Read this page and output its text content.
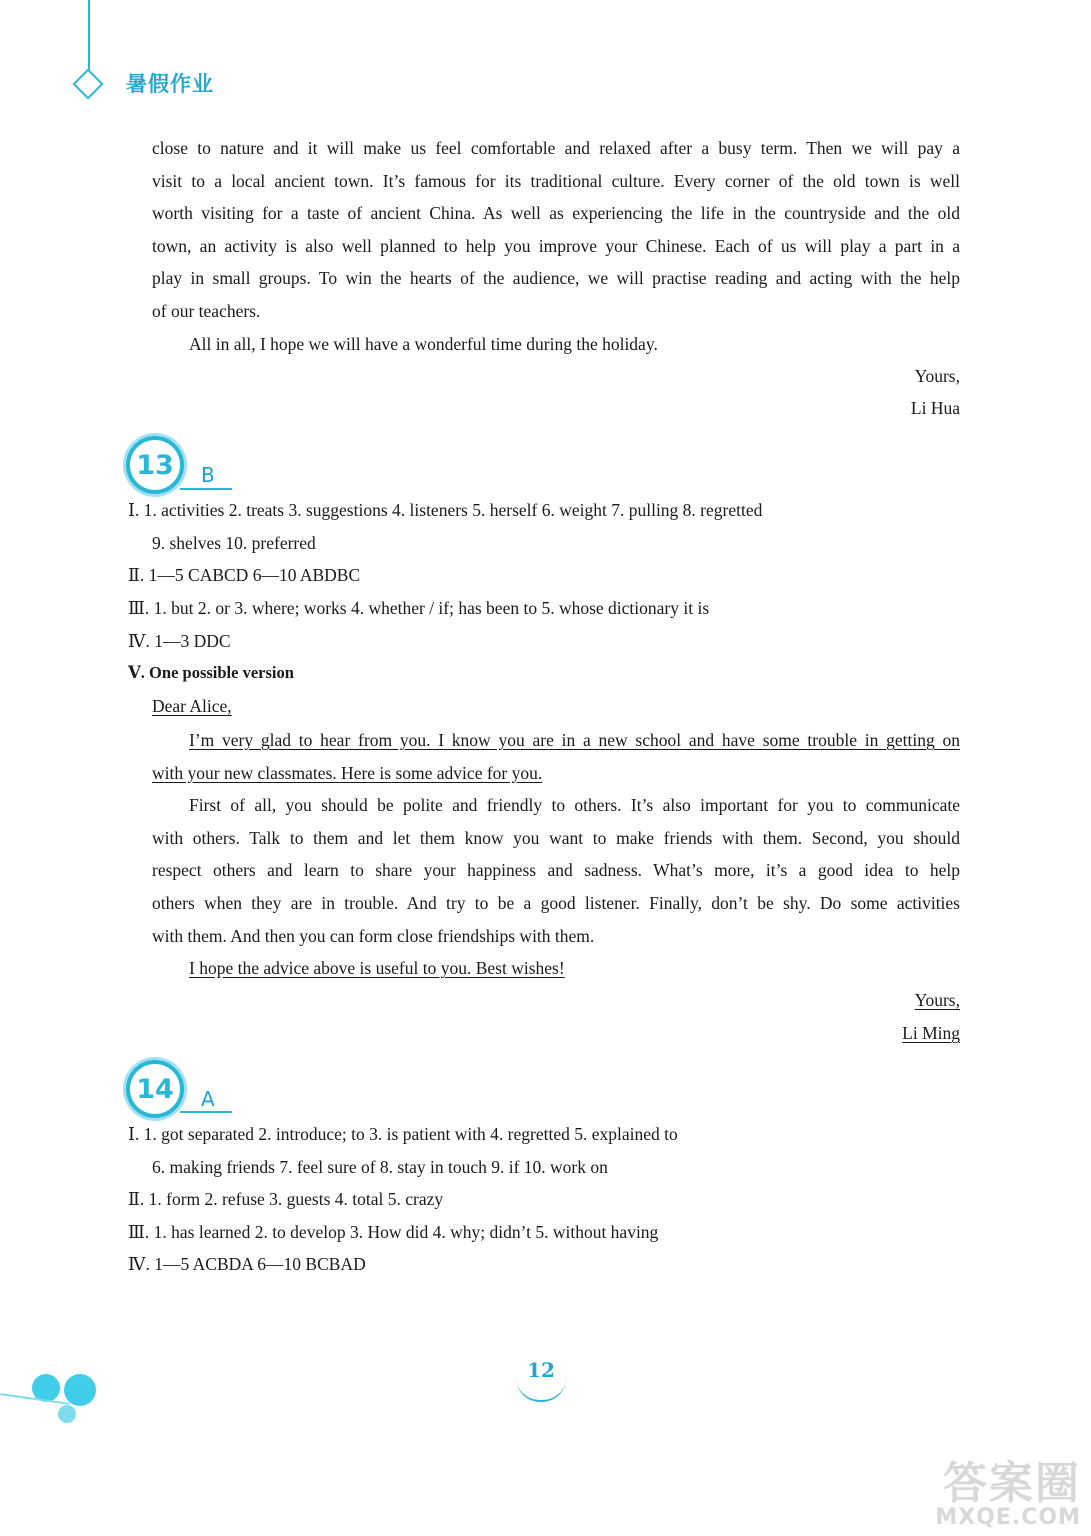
暑假作业
close to nature and it will make us feel comfortable and relaxed after a busy term. Then we will pay a
visit to a local ancient town. It’s famous for its traditional culture. Every corner of the old town is well
worth visiting for a taste of ancient China. As well as experiencing the life in the countryside and the old
town, an activity is also well planned to help you improve your Chinese. Each of us will play a part in a
play in small groups. To win the hearts of the audience, we will practise reading and acting with the help
of our teachers.
All in all, I hope we will have a wonderful time during the holiday.
Yours,
Li Hua
13	B
Ⅰ. 1. activities 2. treats 3. suggestions 4. listeners 5. herself 6. weight 7. pulling 8. regretted
9. shelves 10. preferred
Ⅱ. 1—5 CABCD 6—10 ABDBC
Ⅲ. 1. but 2. or 3. where; works 4. whether / if; has been to 5. whose dictionary it is
Ⅳ. 1—3 DDC
Ⅴ. One possible version
Dear Alice,
I’m very glad to hear from you. I know you are in a new school and have some trouble in getting on
with your new classmates. Here is some advice for you.
First of all, you should be polite and friendly to others. It’s also important for you to communicate
with others. Talk to them and let them know you want to make friends with them. Second, you should
respect others and learn to share your happiness and sadness. What’s more, it’s a good idea to help
others when they are in trouble. And try to be a good listener. Finally, don’t be shy. Do some activities
with them. And then you can form close friendships with them.
I hope the advice above is useful to you. Best wishes!
Yours,
Li Ming
14	A
Ⅰ. 1. got separated 2. introduce; to 3. is patient with 4. regretted 5. explained to
6. making friends 7. feel sure of 8. stay in touch 9. if 10. work on
Ⅱ. 1. form 2. refuse 3. guests 4. total 5. crazy
Ⅲ. 1. has learned 2. to develop 3. How did 4. why; didn’t 5. without having
Ⅳ. 1—5 ACBDA 6—10 BCBAD
12
答案圈
MXQE.COM
